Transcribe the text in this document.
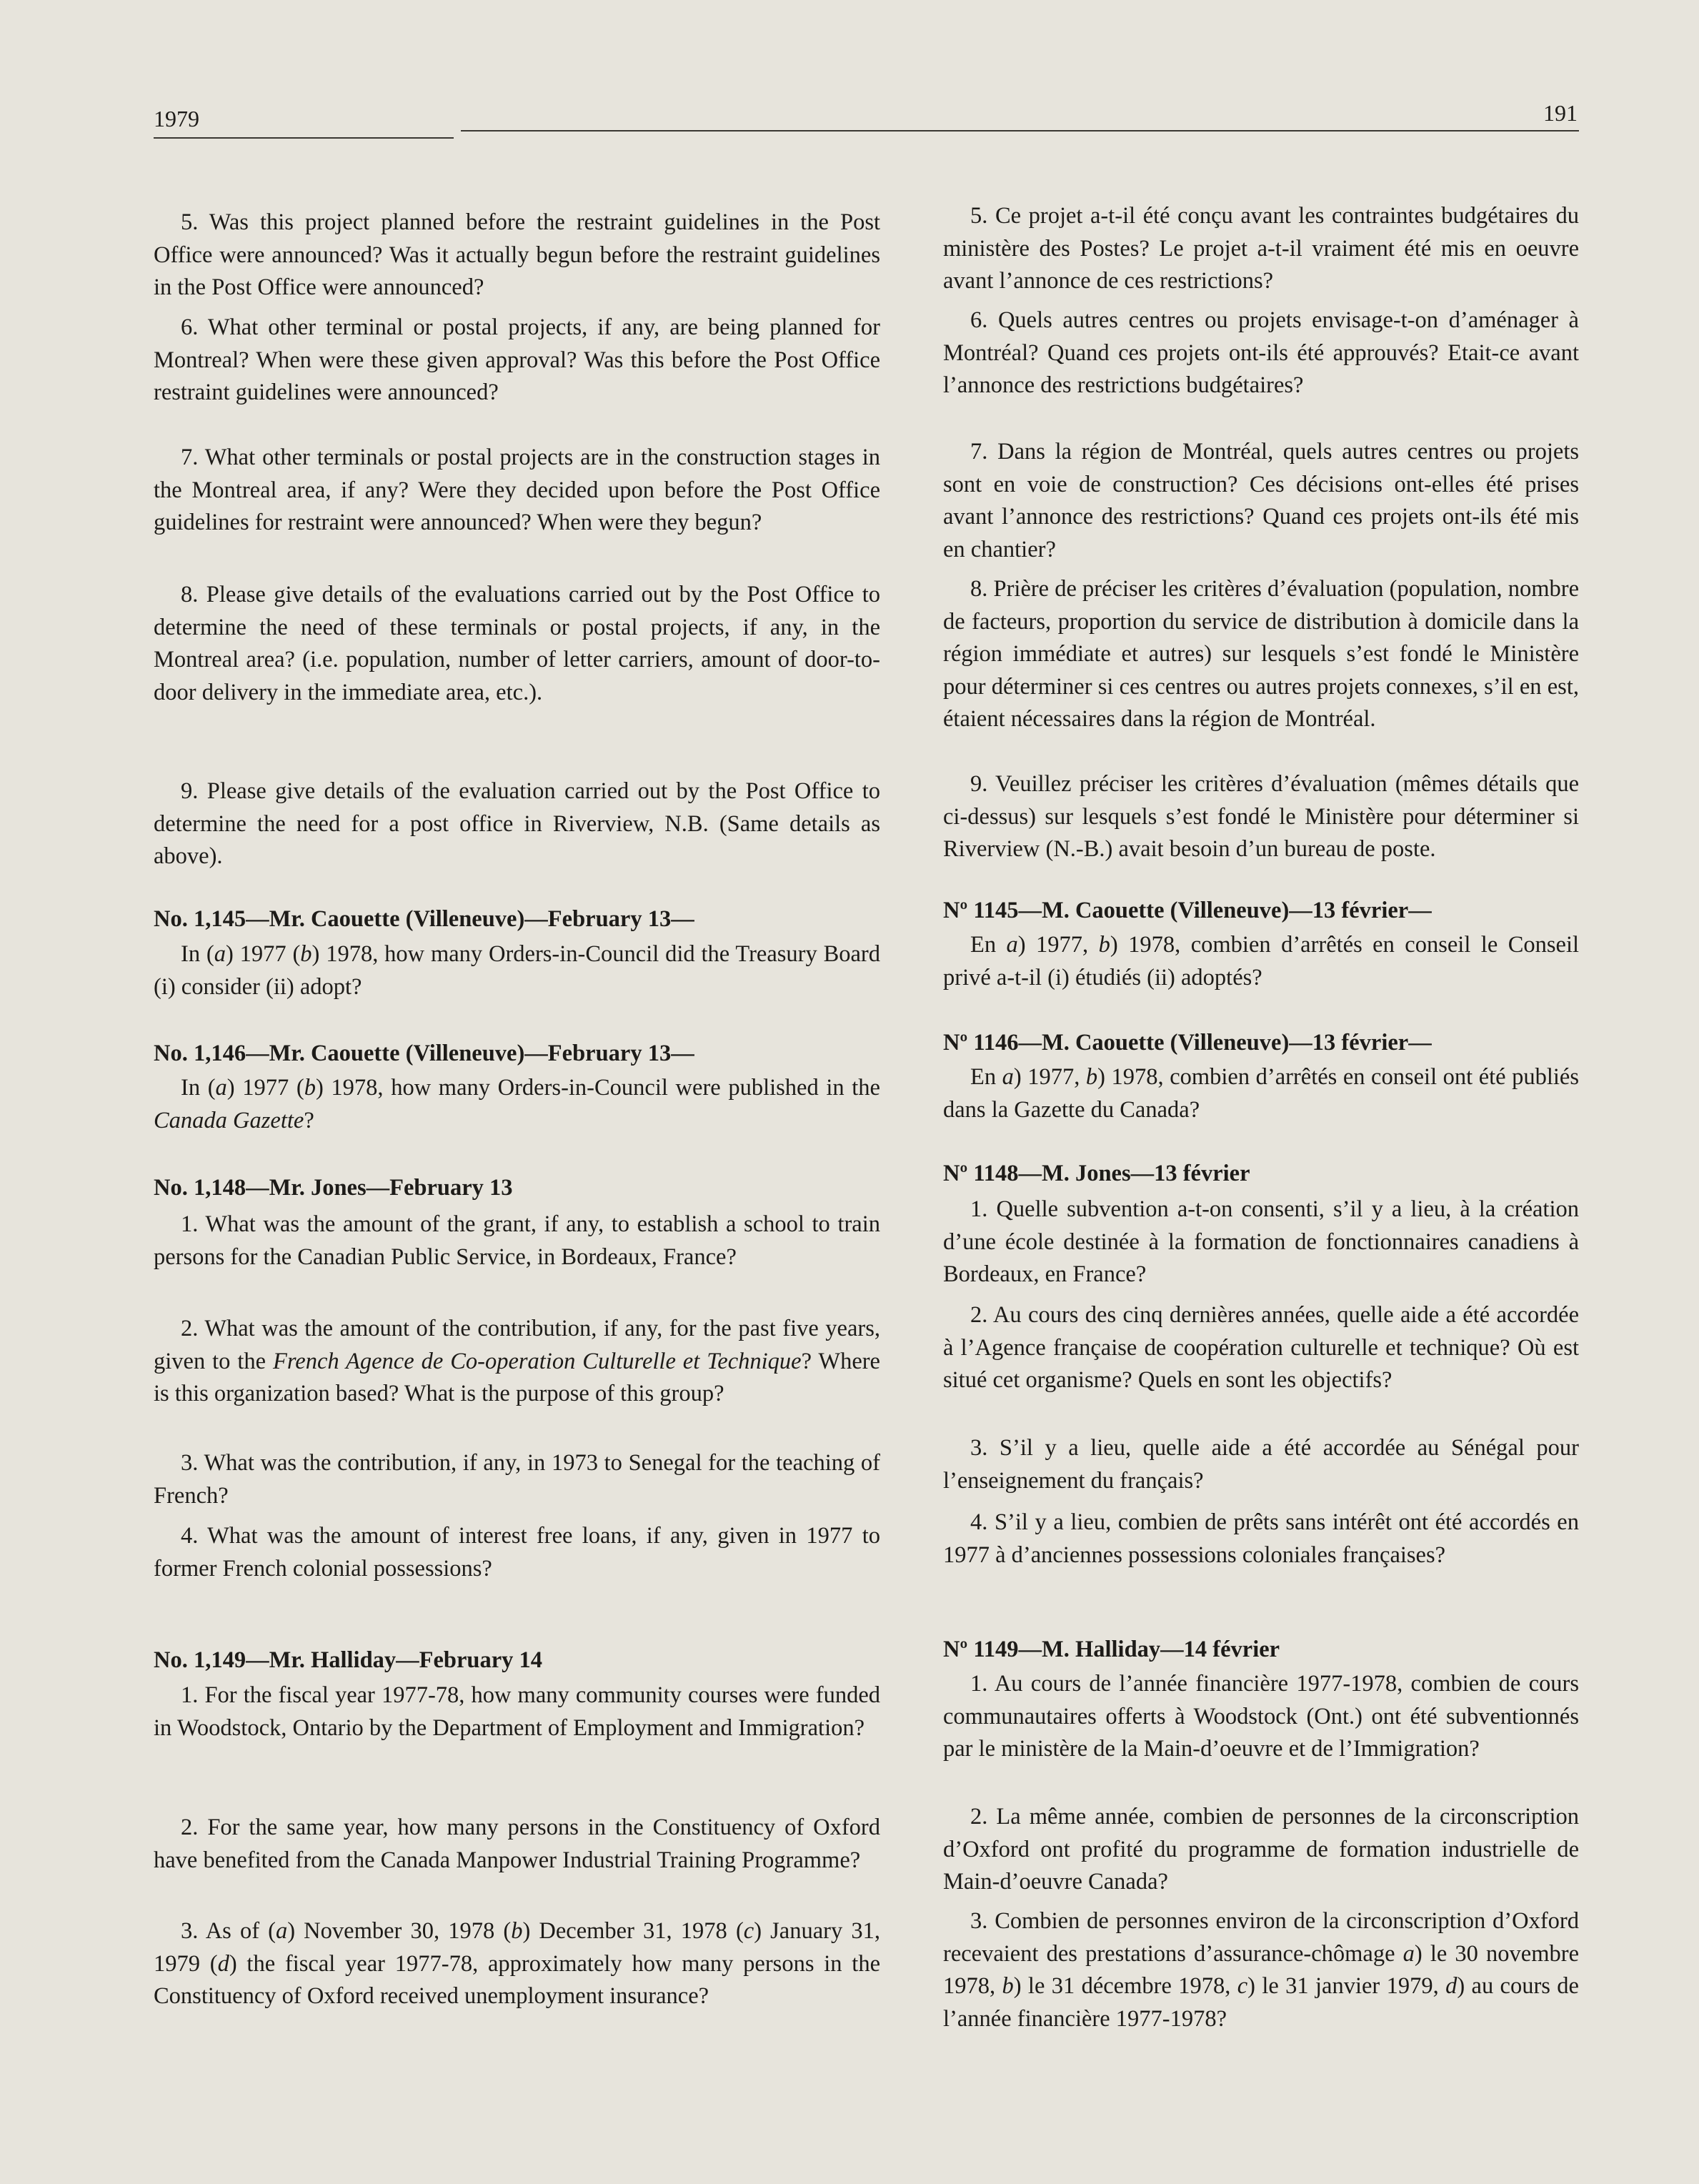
1979	191

5. Was this project planned before the restraint guidelines in the Post Office were announced? Was it actually begun before the restraint guidelines in the Post Office were announced?

6. What other terminal or postal projects, if any, are being planned for Montreal? When were these given approval? Was this before the Post Office restraint guidelines were announced?

7. What other terminals or postal projects are in the construction stages in the Montreal area, if any? Were they decided upon before the Post Office guidelines for restraint were announced? When were they begun?

8. Please give details of the evaluations carried out by the Post Office to determine the need of these terminals or postal projects, if any, in the Montreal area? (i.e. population, number of letter carriers, amount of door-to-door delivery in the immediate area, etc.).

9. Please give details of the evaluation carried out by the Post Office to determine the need for a post office in Riverview, N.B. (Same details as above).

No. 1,145—Mr. Caouette (Villeneuve)—February 13—

In (a) 1977 (b) 1978, how many Orders-in-Council did the Treasury Board (i) consider (ii) adopt?

No. 1,146—Mr. Caouette (Villeneuve)—February 13—

In (a) 1977 (b) 1978, how many Orders-in-Council were published in the Canada Gazette?

No. 1,148—Mr. Jones—February 13

1. What was the amount of the grant, if any, to establish a school to train persons for the Canadian Public Service, in Bordeaux, France?

2. What was the amount of the contribution, if any, for the past five years, given to the French Agence de Co-operation Culturelle et Technique? Where is this organization based? What is the purpose of this group?

3. What was the contribution, if any, in 1973 to Senegal for the teaching of French?

4. What was the amount of interest free loans, if any, given in 1977 to former French colonial possessions?

No. 1,149—Mr. Halliday—February 14

1. For the fiscal year 1977-78, how many community courses were funded in Woodstock, Ontario by the Department of Employment and Immigration?

2. For the same year, how many persons in the Constituency of Oxford have benefited from the Canada Manpower Industrial Training Programme?

3. As of (a) November 30, 1978 (b) December 31, 1978 (c) January 31, 1979 (d) the fiscal year 1977-78, approximately how many persons in the Constituency of Oxford received unemployment insurance?

5. Ce projet a-t-il été conçu avant les contraintes budgétaires du ministère des Postes? Le projet a-t-il vraiment été mis en oeuvre avant l’annonce de ces restrictions?

6. Quels autres centres ou projets envisage-t-on d’aménager à Montréal? Quand ces projets ont-ils été approuvés? Etait-ce avant l’annonce des restrictions budgétaires?

7. Dans la région de Montréal, quels autres centres ou projets sont en voie de construction? Ces décisions ont-elles été prises avant l’annonce des restrictions? Quand ces projets ont-ils été mis en chantier?

8. Prière de préciser les critères d’évaluation (population, nombre de facteurs, proportion du service de distribution à domicile dans la région immédiate et autres) sur lesquels s’est fondé le Ministère pour déterminer si ces centres ou autres projets connexes, s’il en est, étaient nécessaires dans la région de Montréal.

9. Veuillez préciser les critères d’évaluation (mêmes détails que ci-dessus) sur lesquels s’est fondé le Ministère pour déterminer si Riverview (N.-B.) avait besoin d’un bureau de poste.

Nº 1145—M. Caouette (Villeneuve)—13 février—

En a) 1977, b) 1978, combien d’arrêtés en conseil le Conseil privé a-t-il (i) étudiés (ii) adoptés?

Nº 1146—M. Caouette (Villeneuve)—13 février—

En a) 1977, b) 1978, combien d’arrêtés en conseil ont été publiés dans la Gazette du Canada?

Nº 1148—M. Jones—13 février

1. Quelle subvention a-t-on consenti, s’il y a lieu, à la création d’une école destinée à la formation de fonctionnaires canadiens à Bordeaux, en France?

2. Au cours des cinq dernières années, quelle aide a été accordée à l’Agence française de coopération culturelle et technique? Où est situé cet organisme? Quels en sont les objectifs?

3. S’il y a lieu, quelle aide a été accordée au Sénégal pour l’enseignement du français?

4. S’il y a lieu, combien de prêts sans intérêt ont été accordés en 1977 à d’anciennes possessions coloniales françaises?

Nº 1149—M. Halliday—14 février

1. Au cours de l’année financière 1977-1978, combien de cours communautaires offerts à Woodstock (Ont.) ont été subventionnés par le ministère de la Main-d’oeuvre et de l’Immigration?

2. La même année, combien de personnes de la circonscription d’Oxford ont profité du programme de formation industrielle de Main-d’oeuvre Canada?

3. Combien de personnes environ de la circonscription d’Oxford recevaient des prestations d’assurance-chômage a) le 30 novembre 1978, b) le 31 décembre 1978, c) le 31 janvier 1979, d) au cours de l’année financière 1977-1978?
